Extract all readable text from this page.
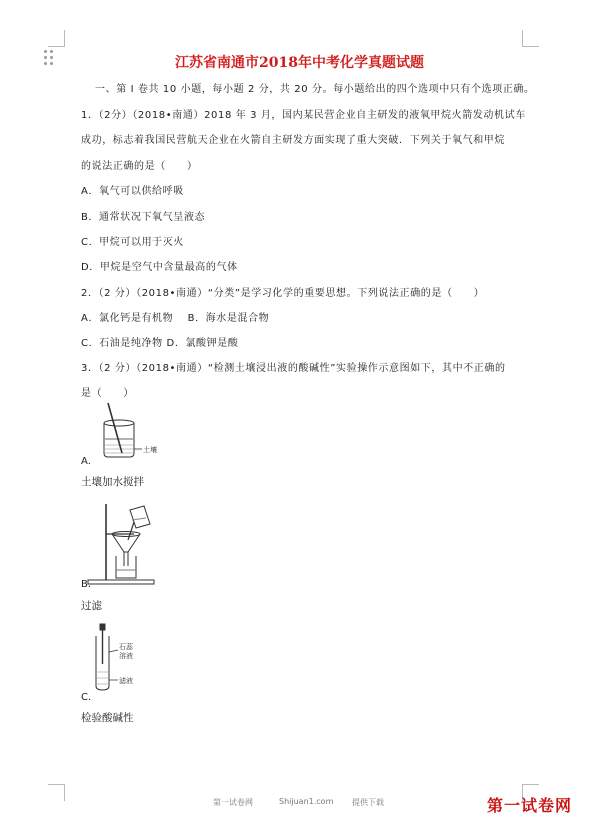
江苏省南通市2018年中考化学真题试题
一、第 I 卷共 10 小题，每小题 2 分，共 20 分。每小题给出的四个选项中只有个选项正确。
1．（2分）（2018•南通）2018 年 3 月，国内某民营企业自主研发的液氧甲烷火箭发动机试车
成功，标志着我国民营航天企业在火箭自主研发方面实现了重大突破．下列关于氧气和甲烷
的说法正确的是（　　）
A．氧气可以供给呼吸
B．通常状况下氧气呈液态
C．甲烷可以用于灭火
D．甲烷是空气中含量最高的气体
2．（2 分）（2018•南通）“分类”是学习化学的重要思想。下列说法正确的是（　　）
A．氯化钙是有机物　 B．海水是混合物
C．石油是纯净物 D．氯酸钾是酸
3．（2 分）（2018•南通）“检测土壤浸出液的酸碱性”实验操作示意图如下，其中不正确的
是（　　）
土壤
A．
土壤加水搅拌
B．
过滤
石蕊
溶液
滤液
C．
检验酸碱性
第一试卷网	Shijuan1.com 提供下载	第一试卷网
